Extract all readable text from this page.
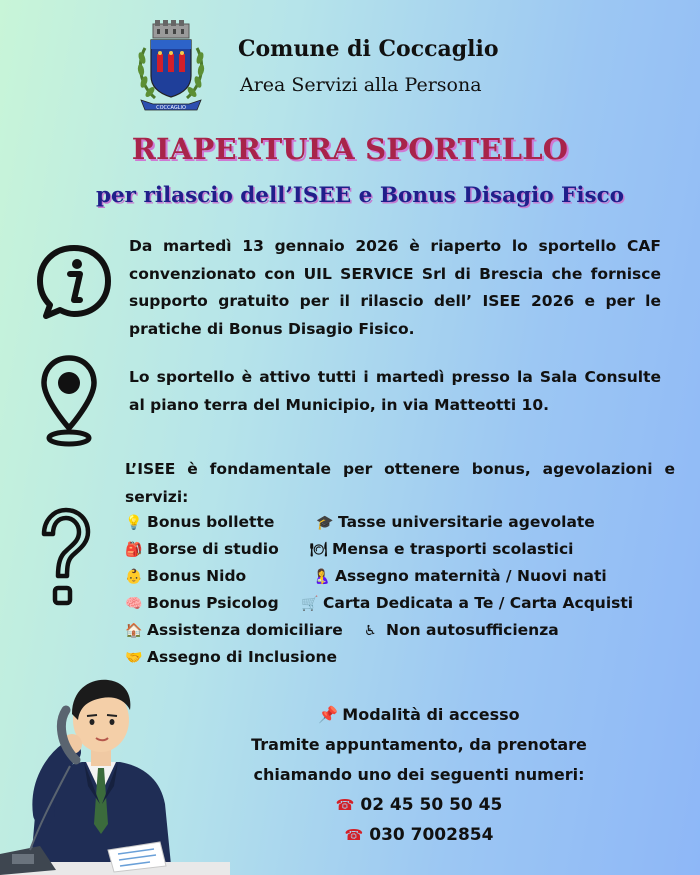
COCCAGLIO
Comune di Coccaglio
Area Servizi alla Persona
RIAPERTURA SPORTELLO
per rilascio dell’ISEE e Bonus Disagio Fisco
Da martedì 13 gennaio 2026 è riaperto lo sportello CAF convenzionato con UIL SERVICE Srl di Brescia che fornisce supporto gratuito per il rilascio dell’ ISEE 2026 e per le pratiche di Bonus Disagio Fisico.
Lo sportello è attivo tutti i martedì presso la Sala Consulte al piano terra del Municipio, in via Matteotti 10.
L’ISEE è fondamentale per ottenere bonus, agevolazioni e servizi:
💡 Bonus bollette	🎓 Tasse universitarie agevolate
🎒 Borse di studio 🍽 Mensa e trasporti scolastici
👶 Bonus Nido	🤱 Assegno maternità / Nuovi nati
🧠 Bonus Psicolog 🛒 Carta Dedicata a Te / Carta Acquisti
🏠 Assistenza domiciliare ♿ Non autosufficienza
🤝 Assegno di Inclusione
📌 Modalità di accesso
Tramite appuntamento, da prenotare
chiamando uno dei seguenti numeri:
☎ 02 45 50 50 45
☎ 030 7002854
